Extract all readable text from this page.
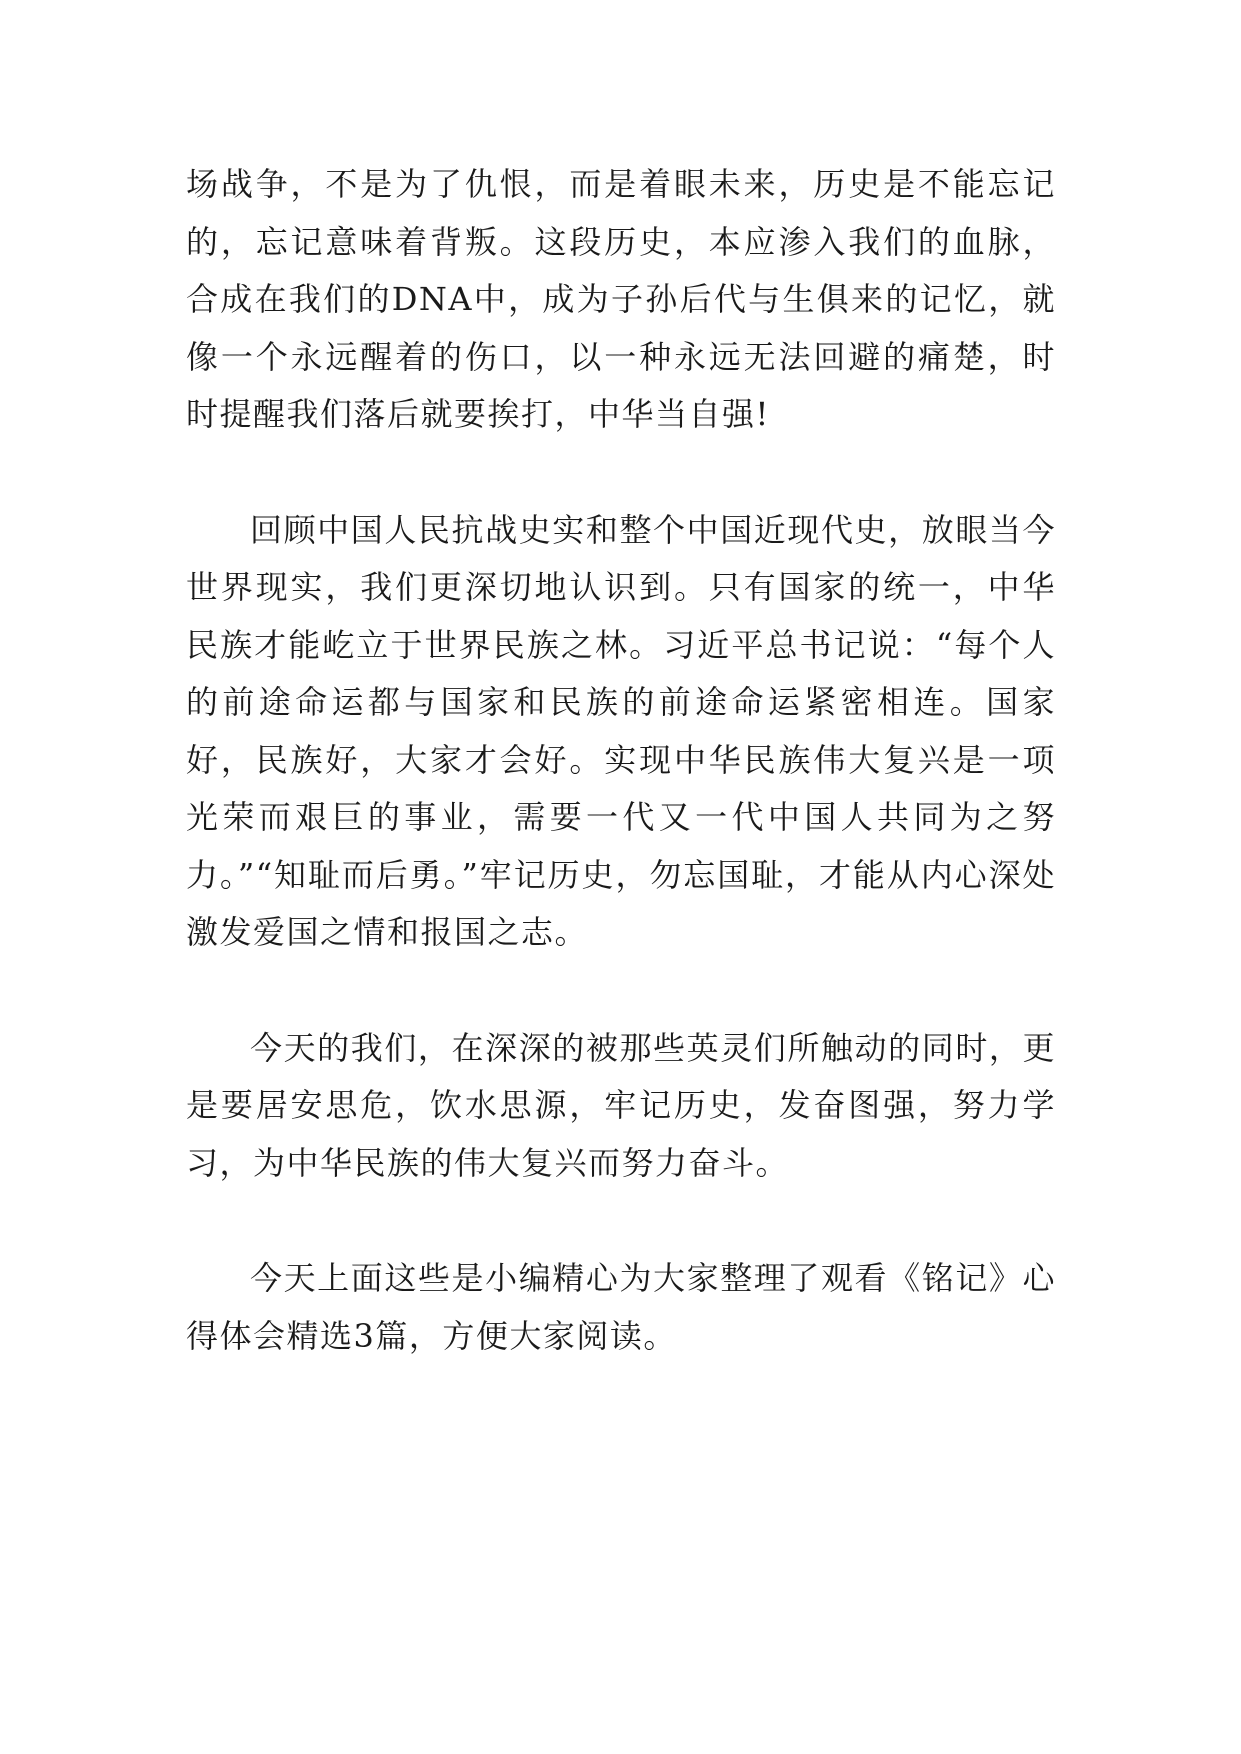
场战争，不是为了仇恨，而是着眼未来，历史是不能忘记的，忘记意味着背叛。这段历史，本应渗入我们的血脉，合成在我们的DNA中，成为子孙后代与生俱来的记忆，就像一个永远醒着的伤口，以一种永远无法回避的痛楚，时时提醒我们落后就要挨打，中华当自强!

回顾中国人民抗战史实和整个中国近现代史，放眼当今世界现实，我们更深切地认识到。只有国家的统一，中华民族才能屹立于世界民族之林。习近平总书记说：“每个人的前途命运都与国家和民族的前途命运紧密相连。国家好，民族好，大家才会好。实现中华民族伟大复兴是一项光荣而艰巨的事业，需要一代又一代中国人共同为之努力。”“知耻而后勇。”牢记历史，勿忘国耻，才能从内心深处激发爱国之情和报国之志。

今天的我们，在深深的被那些英灵们所触动的同时，更是要居安思危，饮水思源，牢记历史，发奋图强，努力学习，为中华民族的伟大复兴而努力奋斗。

今天上面这些是小编精心为大家整理了观看《铭记》心得体会精选3篇，方便大家阅读。
